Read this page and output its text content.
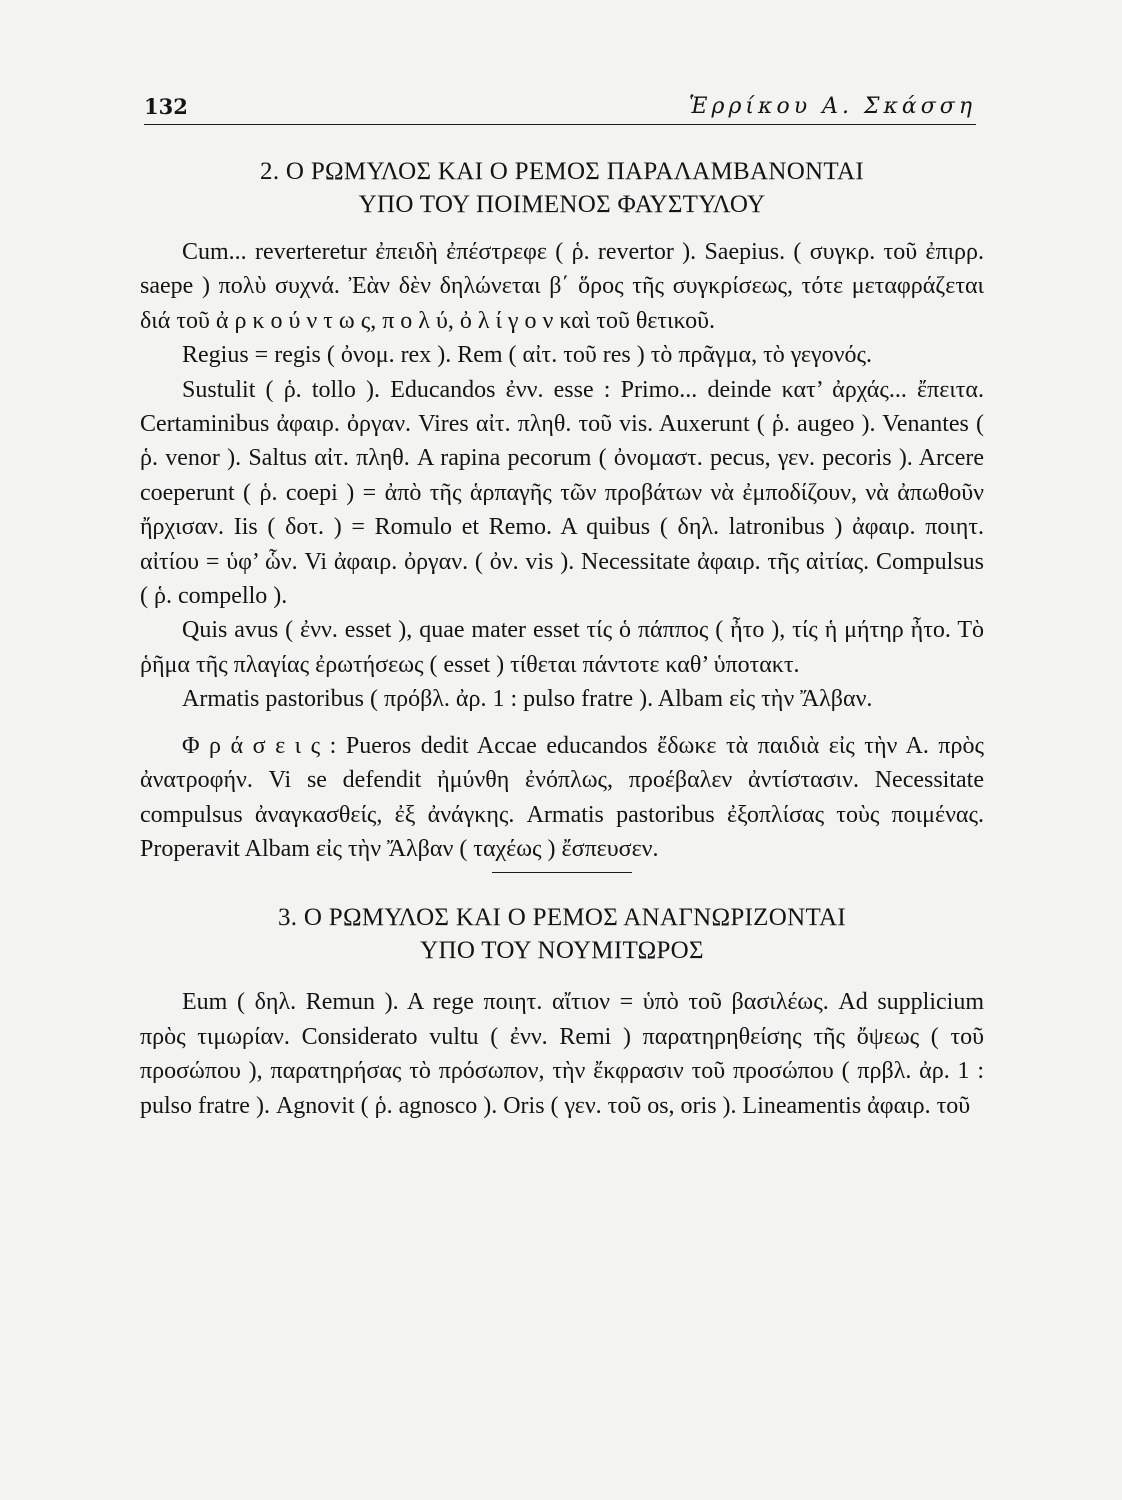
132	Ἑρρίκου Α. Σκάσση
2. Ο ΡΩΜΥΛΟΣ ΚΑΙ Ο ΡΕΜΟΣ ΠΑΡΑΛΑΜΒΑΝΟΝΤΑΙ
ΥΠΟ ΤΟΥ ΠΟΙΜΕΝΟΣ ΦΑΥΣΤΥΛΟΥ

Cum... reverteretur ἐπειδὴ ἐπέστρεφε ( ῥ. revertor ). Saepius. ( συγκρ. τοῦ ἐπιρρ. saepe ) πολὺ συχνά. Ἐὰν δὲν δηλώνεται β΄ ὅρος τῆς συγκρίσεως, τότε μεταφράζεται διά τοῦ ἀ ρ κ ο ύ ν τ ω ς, π ο λ ύ, ὀ λ ί γ ο ν καὶ τοῦ θετικοῦ.

Regius = regis ( ὀνομ. rex ). Rem ( αἰτ. τοῦ res ) τὸ πρᾶγμα, τὸ γεγονός.

Sustulit ( ῥ. tollo ). Educandos ἐνν. esse : Primo... deinde κατ’ ἀρχάς... ἔπειτα. Certaminibus ἀφαιρ. ὀργαν. Vires αἰτ. πληθ. τοῦ vis. Auxerunt ( ῥ. augeo ). Venantes ( ῥ. venor ). Saltus αἰτ. πληθ. A rapina pecorum ( ὀνομαστ. pecus, γεν. pecoris ). Arcere coeperunt ( ῥ. coepi ) = ἀπὸ τῆς ἁρπαγῆς τῶν προβάτων νὰ ἐμποδίζουν, νὰ ἀπωθοῦν ἤρχισαν. Iis ( δοτ. ) = Romulo et Remo. A quibus ( δηλ. latronibus ) ἀφαιρ. ποιητ. αἰτίου = ὑφ’ ὧν. Vi ἀφαιρ. ὀργαν. ( ὀν. vis ). Necessitate ἀφαιρ. τῆς αἰτίας. Compulsus ( ῥ. compello ).

Quis avus ( ἐνν. esset ), quae mater esset τίς ὁ πάππος ( ἦτο ), τίς ἡ μήτηρ ἦτο. Τὸ ῥῆμα τῆς πλαγίας ἐρωτήσεως ( esset ) τίθεται πάντοτε καθ’ ὑποτακτ.

Armatis pastoribus ( πρόβλ. ἀρ. 1 : pulso fratre ). Albam εἰς τὴν Ἄλβαν.

Φ ρ ά σ ε ι ς : Pueros dedit Accae educandos ἔδωκε τὰ παιδιὰ εἰς τὴν Α. πρὸς ἀνατροφήν. Vi se defendit ἠμύνθη ἐνόπλως, προέβαλεν ἀντίστασιν. Necessitate compulsus ἀναγκασθείς, ἐξ ἀνάγκης. Armatis pastoribus ἐξοπλίσας τοὺς ποιμένας. Properavit Albam εἰς τὴν Ἄλβαν ( ταχέως ) ἔσπευσεν.

3. Ο ΡΩΜΥΛΟΣ ΚΑΙ Ο ΡΕΜΟΣ ΑΝΑΓΝΩΡΙΖΟΝΤΑΙ
ΥΠΟ ΤΟΥ ΝΟΥΜΙΤΩΡΟΣ

Eum ( δηλ. Remun ). A rege ποιητ. αἴτιον = ὑπὸ τοῦ βασιλέως. Ad supplicium πρὸς τιμωρίαν. Considerato vultu ( ἐνν. Remi ) παρατηρηθείσης τῆς ὄψεως ( τοῦ προσώπου ), παρατηρήσας τὸ πρόσωπον, τὴν ἔκφρασιν τοῦ προσώπου ( πρβλ. ἀρ. 1 : pulso fratre ). Agnovit ( ῥ. agnosco ). Oris ( γεν. τοῦ os, oris ). Lineamentis ἀφαιρ. τοῦ
